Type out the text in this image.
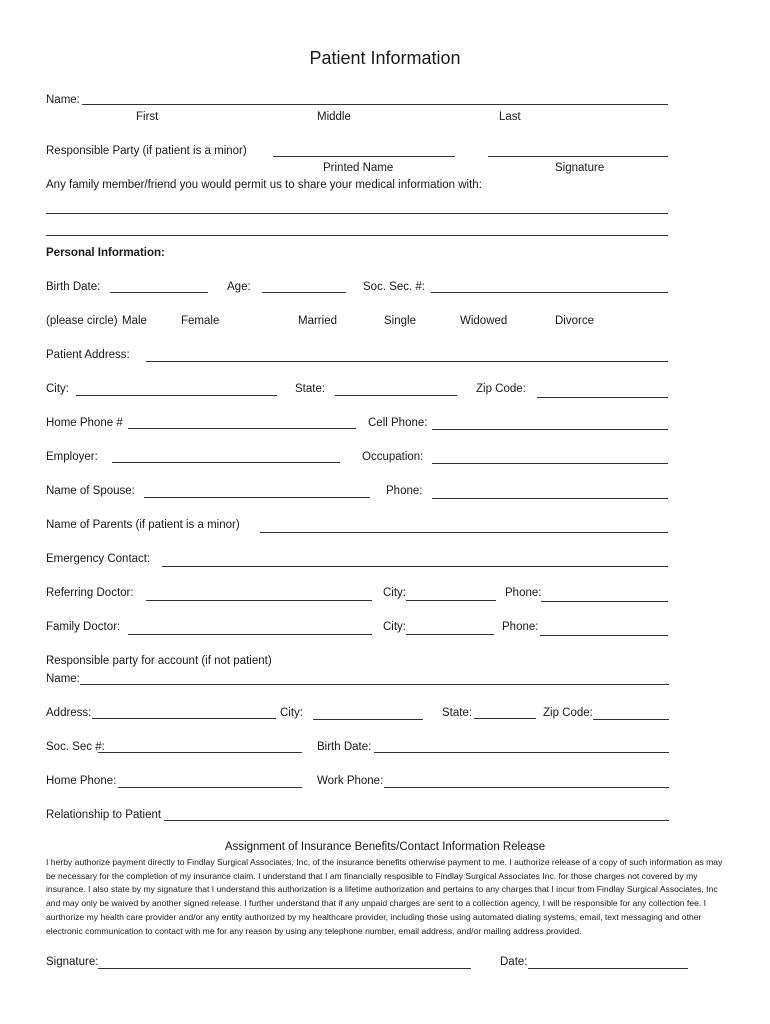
Patient Information
Name:
First	Middle	Last
Responsible Party (if patient is a minor)
Printed Name	Signature
Any family member/friend you would permit us to share your medical information with:
Personal Information:
Birth Date:	Age:	Soc. Sec. #:
(please circle) Male	Female	Married	Single	Widowed	Divorce
Patient Address:
City:	State:	Zip Code:
Home Phone #	Cell Phone:
Employer:	Occupation:
Name of Spouse:	Phone:
Name of Parents (if patient is a minor)
Emergency Contact:
Referring Doctor:	City:	Phone:
Family Doctor:	City:	Phone:
Responsible party for account (if not patient)
Name:
Address:	City:	State:	Zip Code:
Soc. Sec #:	Birth Date:
Home Phone:	Work Phone:
Relationship to Patient
Assignment of Insurance Benefits/Contact Information Release
I herby authorize payment directly to Findlay Surgical Associates, Inc, of the insurance benefits otherwise payment to me. I authorize release of a copy of such information as may be necessary for the completion of my insurance claim. I understand that I am financially resposible to Findlay Surgical Associates Inc. for those charges not covered by my insurance. I also state by my signature that I understand this authorization is a lifetime authorization and pertains to any charges that I incur from Findlay Surgical Associates, Inc and may only be waived by another signed release. I further understand that if any unpaid charges are sent to a collection agency, I will be responsible for any collection fee. I aurthorize my health care provider and/or any entity authorized by my healthcare provider, including those using automated dialing systems, email, text messaging and other electronic communication to contact with me for any reason by using any telephone number, email address, and/or mailing address provided.
Signature:	Date:
